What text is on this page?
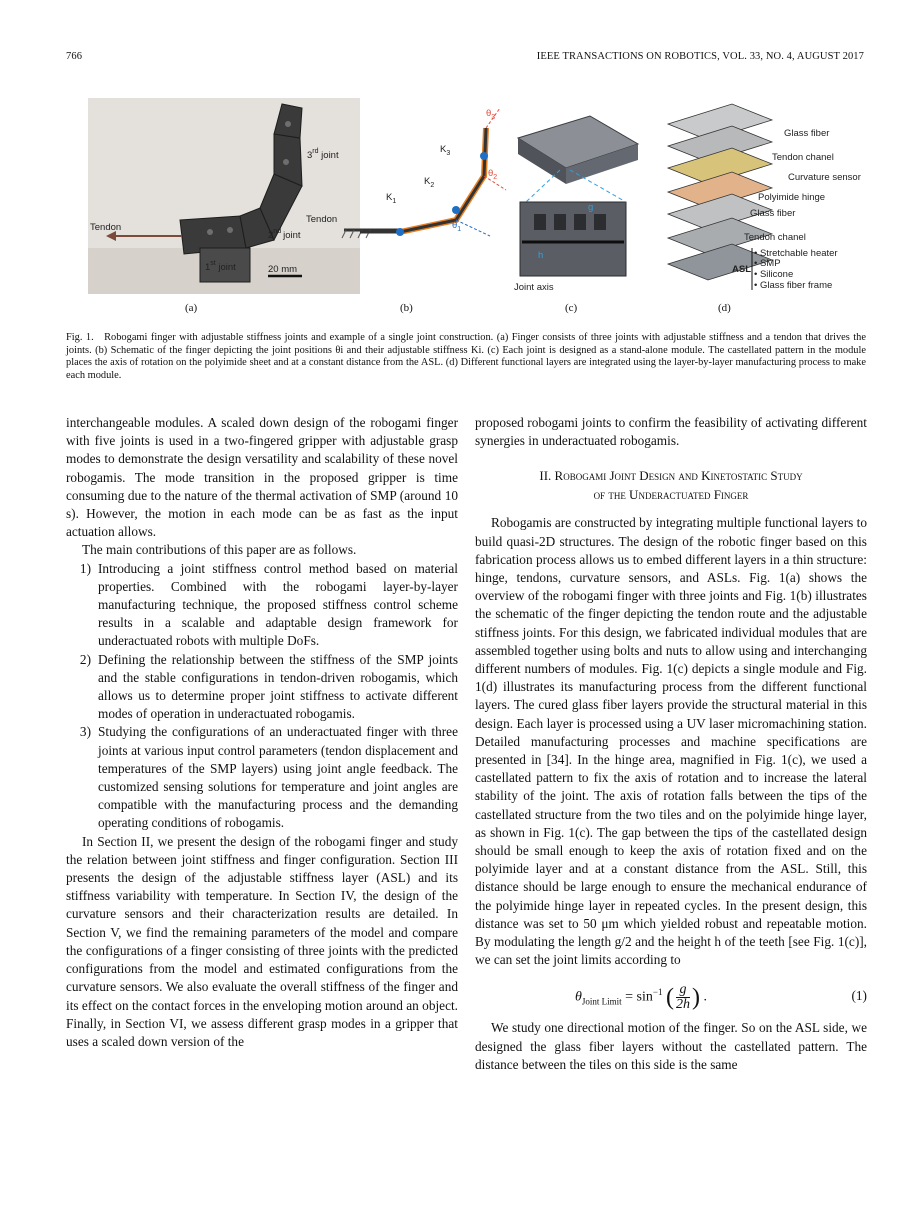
766	IEEE TRANSACTIONS ON ROBOTICS, VOL. 33, NO. 4, AUGUST 2017
Tendon
3rd joint
2nd joint
1st joint	20 mm
Tendon
$K_1$
$K_2$
$K_3$
$\theta_1$
$\theta_2$
$\theta_3$
g
h
Joint axis
Glass fiber
Tendon chanel
Curvature sensor
Polyimide hinge
Glass fiber
Tendon chanel
• Stretchable heater
• SMP
• Silicone
• Glass fiber frame
ASL
(a)	(b)	(c)	(d)
Fig. 1. Robogami finger with adjustable stiffness joints and example of a single joint construction. (a) Finger consists of three joints with adjustable stiffness and a tendon that drives the joints. (b) Schematic of the finger depicting the joint positions θi and their adjustable stiffness Ki. (c) Each joint is designed as a stand-alone module. The castellated pattern in the module places the axis of rotation on the polyimide sheet and at a constant distance from the ASL. (d) Different functional layers are integrated using the layer-by-layer manufacturing process to make each module.

interchangeable modules. A scaled down design of the robogami finger with five joints is used in a two-fingered gripper with adjustable grasp modes to demonstrate the design versatility and scalability of these novel robogamis. The mode transition in the proposed gripper is time consuming due to the nature of the thermal activation of SMP (around 10 s). However, the motion in each mode can be as fast as the input actuation allows.

The main contributions of this paper are as follows.

1) Introducing a joint stiffness control method based on material properties. Combined with the robogami layer-by-layer manufacturing technique, the proposed stiffness control scheme results in a scalable and adaptable design framework for underactuated robots with multiple DoFs.
2) Defining the relationship between the stiffness of the SMP joints and the stable configurations in tendon-driven robogamis, which allows us to determine proper joint stiffness to activate different modes of operation in underactuated robogamis.
3) Studying the configurations of an underactuated finger with three joints at various input control parameters (tendon displacement and temperatures of the SMP layers) using joint angle feedback. The customized sensing solutions for temperature and joint angles are compatible with the manufacturing process and the demanding operating conditions of robogamis.

In Section II, we present the design of the robogami finger and study the relation between joint stiffness and finger configuration. Section III presents the design of the adjustable stiffness layer (ASL) and its stiffness variability with temperature. In Section IV, the design of the curvature sensors and their characterization results are detailed. In Section V, we find the remaining parameters of the model and compare the configurations of a finger consisting of three joints with the predicted configurations from the model and estimated configurations from the curvature sensors. We also evaluate the overall stiffness of the finger and its effect on the contact forces in the enveloping motion around an object. Finally, in Section VI, we assess different grasp modes in a gripper that uses a scaled down version of the

proposed robogami joints to confirm the feasibility of activating different synergies in underactuated robogamis.

II. Robogami Joint Design and Kinetostatic Study
of the Underactuated Finger

Robogamis are constructed by integrating multiple functional layers to build quasi-2D structures. The design of the robotic finger based on this fabrication process allows us to embed different layers in a thin structure: hinge, tendons, curvature sensors, and ASLs. Fig. 1(a) shows the overview of the robogami finger with three joints and Fig. 1(b) illustrates the schematic of the finger depicting the tendon route and the adjustable stiffness joints. For this design, we fabricated individual modules that are assembled together using bolts and nuts to allow using and interchanging different numbers of modules. Fig. 1(c) depicts a single module and Fig. 1(d) illustrates its manufacturing process from the different functional layers. The cured glass fiber layers provide the structural material in this design. Each layer is processed using a UV laser micromachining station. Detailed manufacturing processes and machine specifications are presented in [34]. In the hinge area, magnified in Fig. 1(c), we used a castellated pattern to fix the axis of rotation and to increase the lateral stability of the joint. The axis of rotation falls between the tips of the castellated structure from the two tiles and on the polyimide hinge layer, as shown in Fig. 1(c). The gap between the tips of the castellated design should be small enough to keep the axis of rotation fixed and on the polyimide layer and at a constant distance from the ASL. Still, this distance should be large enough to ensure the mechanical endurance of the polyimide hinge layer in repeated cycles. In the present design, this distance was set to 50 μm which yielded robust and repeatable motion. By modulating the length g/2 and the height h of the teeth [see Fig. 1(c)], we can set the joint limits according to

$\theta_{Joint Limit} = \sin^{-1}$ ( $\frac{g}{2h}$ ) .	(1)

We study one directional motion of the finger. So on the ASL side, we designed the glass fiber layers without the castellated pattern. The distance between the tiles on this side is the same
